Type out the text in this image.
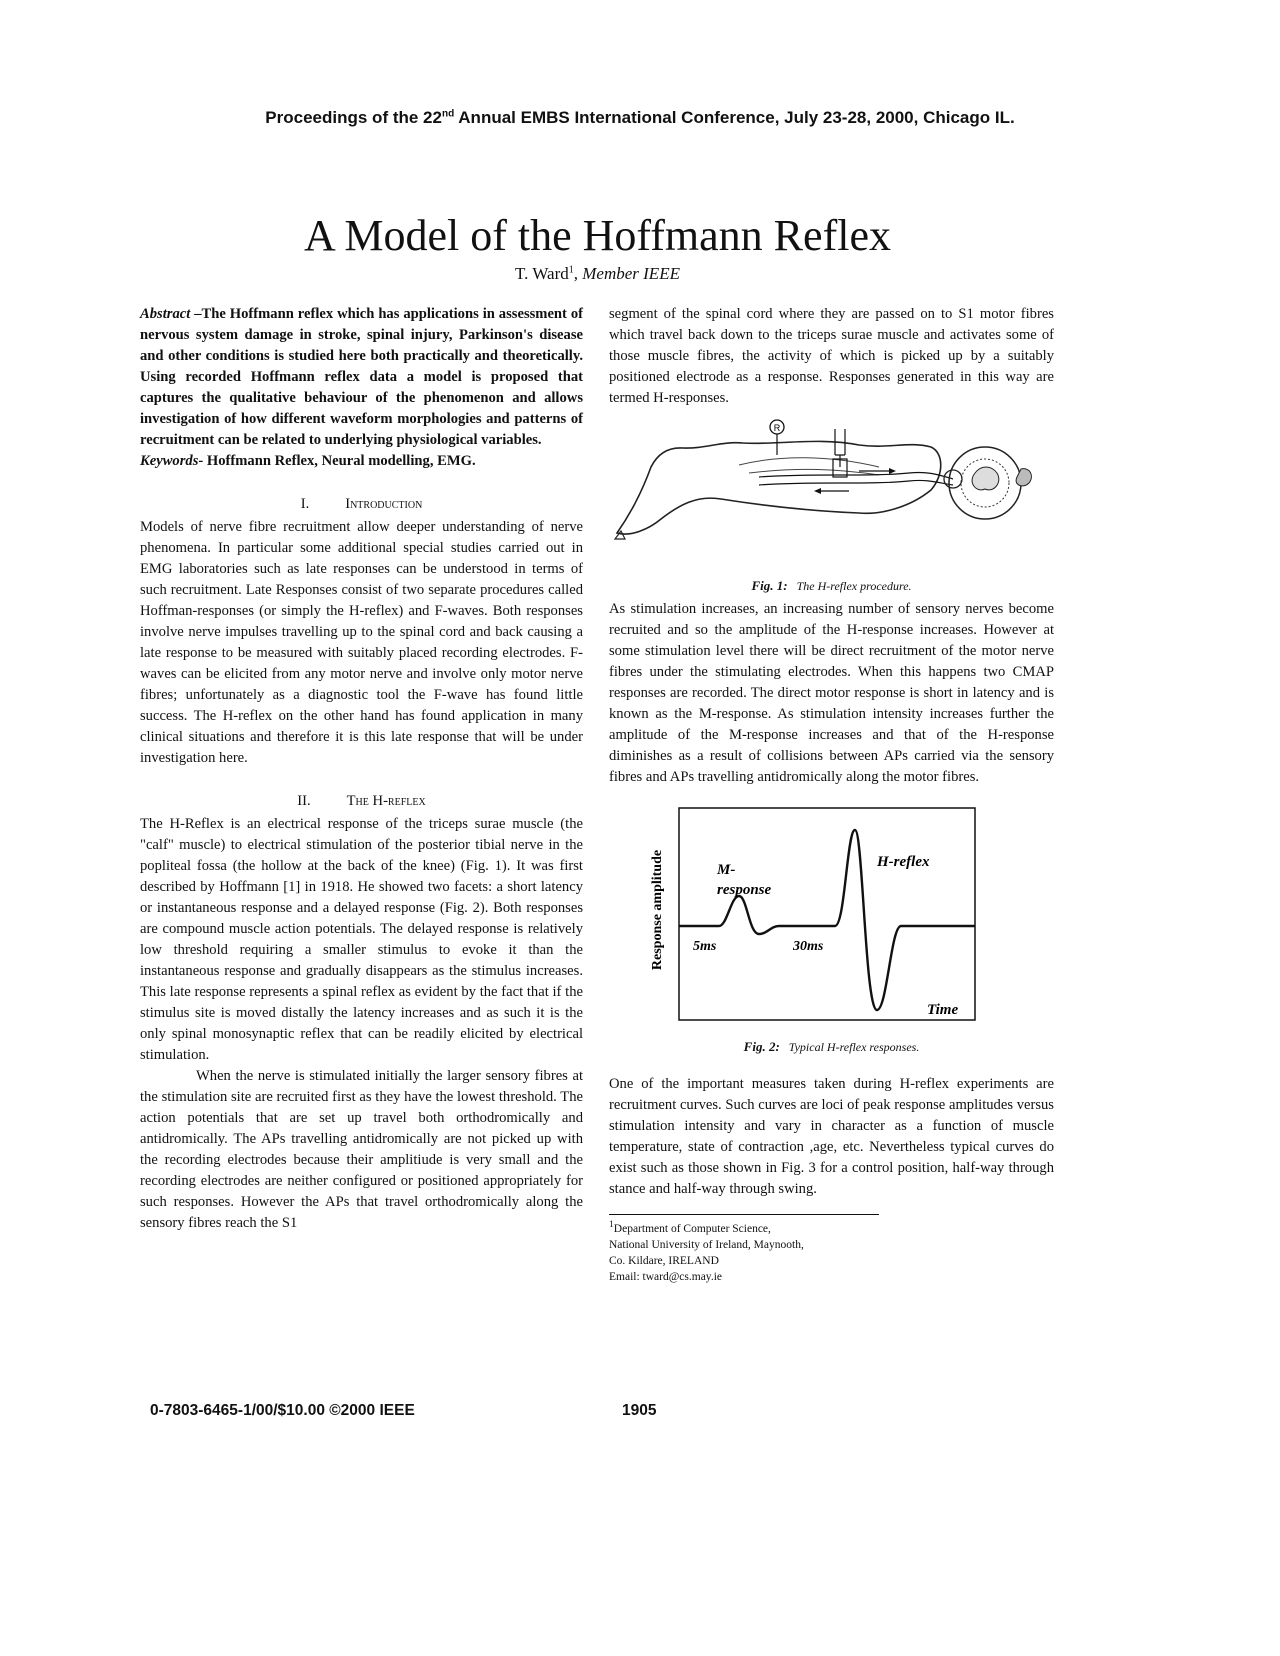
Proceedings of the 22nd Annual EMBS International Conference, July 23-28, 2000, Chicago IL.
A Model of the Hoffmann Reflex
T. Ward$^1$, Member IEEE

Abstract –The Hoffmann reflex which has applications in assessment of nervous system damage in stroke, spinal injury, Parkinson's disease and other conditions is studied here both practically and theoretically. Using recorded Hoffmann reflex data a model is proposed that captures the qualitative behaviour of the phenomenon and allows investigation of how different waveform morphologies and patterns of recruitment can be related to underlying physiological variables.

Keywords- Hoffmann Reflex, Neural modelling, EMG.

I. Introduction

Models of nerve fibre recruitment allow deeper understanding of nerve phenomena. In particular some additional special studies carried out in EMG laboratories such as late responses can be understood in terms of such recruitment. Late Responses consist of two separate procedures called Hoffman-responses (or simply the H-reflex) and F-waves. Both responses involve nerve impulses travelling up to the spinal cord and back causing a late response to be measured with suitably placed recording electrodes. F-waves can be elicited from any motor nerve and involve only motor nerve fibres; unfortunately as a diagnostic tool the F-wave has found little success. The H-reflex on the other hand has found application in many clinical situations and therefore it is this late response that will be under investigation here.

II. The H-reflex

The H-Reflex is an electrical response of the triceps surae muscle (the "calf" muscle) to electrical stimulation of the posterior tibial nerve in the popliteal fossa (the hollow at the back of the knee) (Fig. 1). It was first described by Hoffmann [1] in 1918. He showed two facets: a short latency or instantaneous response and a delayed response (Fig. 2). Both responses are compound muscle action potentials. The delayed response is relatively low threshold requiring a smaller stimulus to evoke it than the instantaneous response and gradually disappears as the stimulus increases. This late response represents a spinal reflex as evident by the fact that if the stimulus site is moved distally the latency increases and as such it is the only spinal monosynaptic reflex that can be readily elicited by electrical stimulation.

When the nerve is stimulated initially the larger sensory fibres at the stimulation site are recruited first as they have the lowest threshold. The action potentials that are set up travel both orthodromically and antidromically. The APs travelling antidromically are not picked up with the recording electrodes because their amplitiude is very small and the recording electrodes are neither configured or positioned appropriately for such responses. However the APs that travel orthodromically along the sensory fibres reach the S1

segment of the spinal cord where they are passed on to S1 motor fibres which travel back down to the triceps surae muscle and activates some of those muscle fibres, the activity of which is picked up by a suitably positioned electrode as a response. Responses generated in this way are termed H-responses.

R

Fig. 1: The H-reflex procedure.

As stimulation increases, an increasing number of sensory nerves become recruited and so the amplitude of the H-response increases. However at some stimulation level there will be direct recruitment of the motor nerve fibres under the stimulating electrodes. When this happens two CMAP responses are recorded. The direct motor response is short in latency and is known as the M-response. As stimulation intensity increases further the amplitude of the M-response increases and that of the H-response diminishes as a result of collisions between APs carried via the sensory fibres and APs travelling antidromically along the motor fibres.

Response amplitude	M-
response
H-reflex
5ms	30ms
Time

Fig. 2: Typical H-reflex responses.

One of the important measures taken during H-reflex experiments are recruitment curves. Such curves are loci of peak response amplitudes versus stimulation intensity and vary in character as a function of muscle temperature, state of contraction ,age, etc. Nevertheless typical curves do exist such as those shown in Fig. 3 for a control position, half-way through stance and half-way through swing.

$^1$Department of Computer Science,
National University of Ireland, Maynooth,
Co. Kildare, IRELAND
Email: tward@cs.may.ie
0-7803-6465-1/00/$10.00 ©2000 IEEE	1905
